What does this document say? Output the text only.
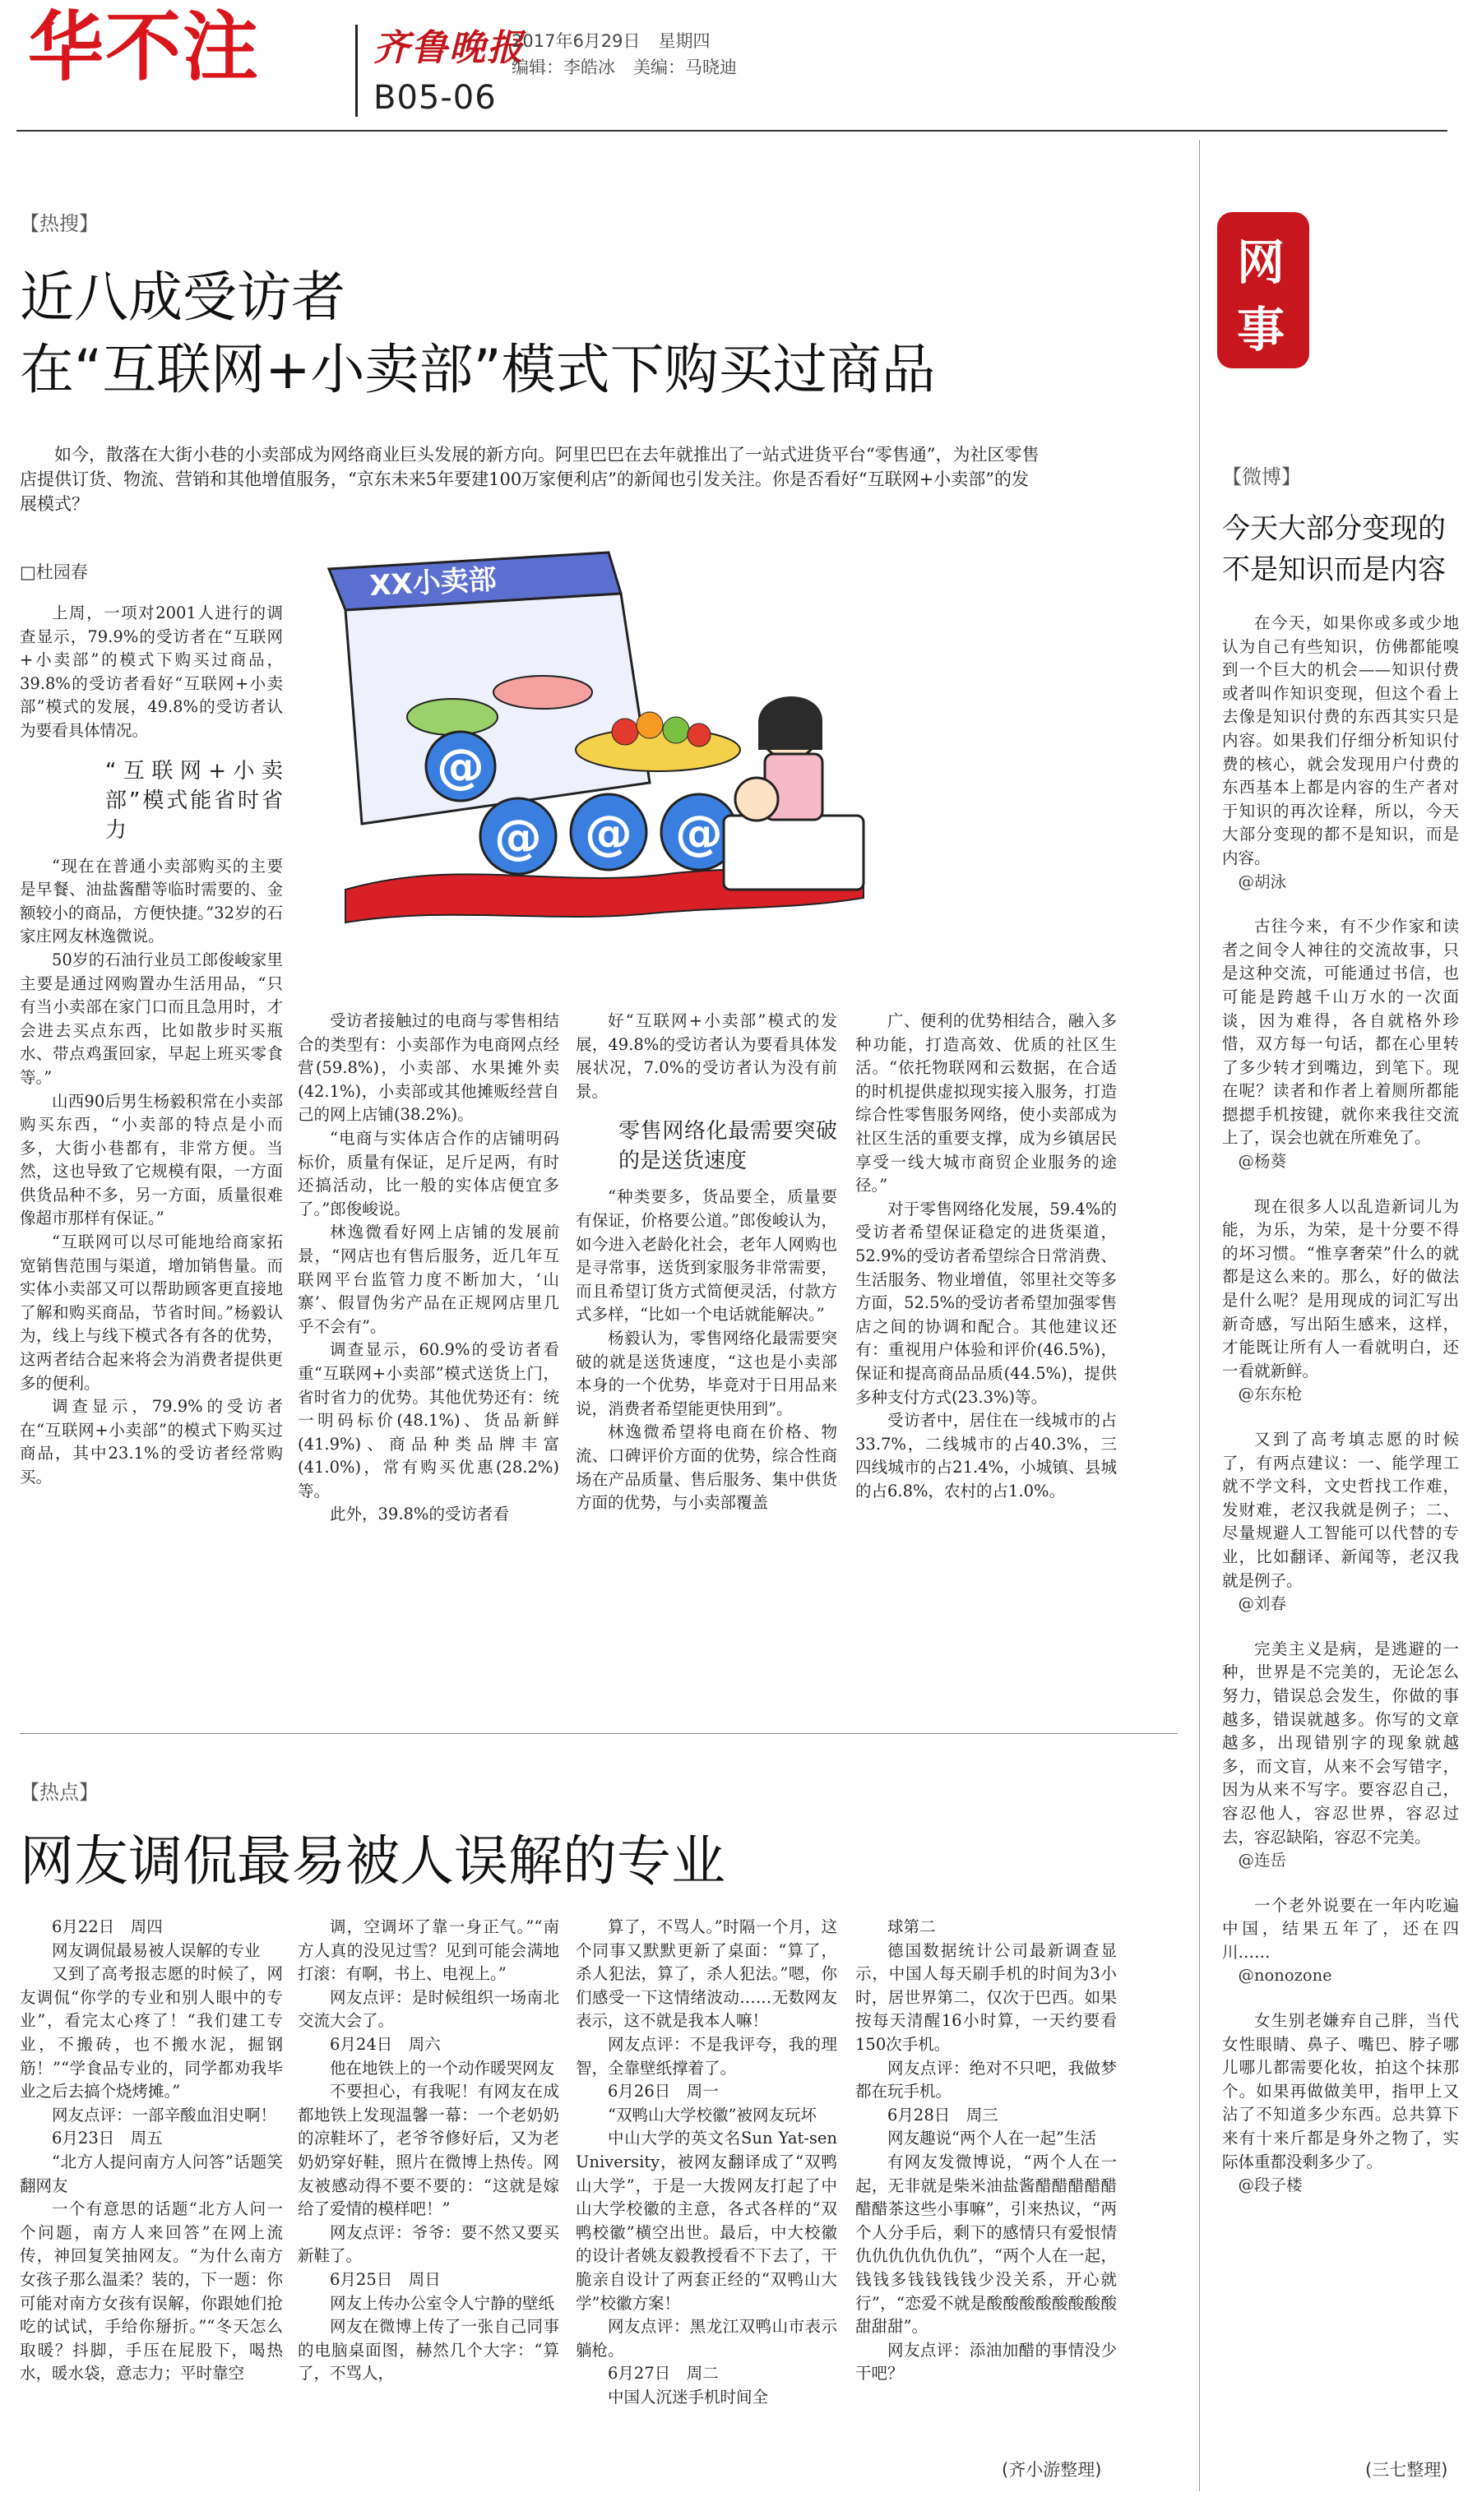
华不注	齐鲁晚报
2017年6月29日 星期四
编辑：李皓冰 美编：马晓迪
B05-06
【热搜】
近八成受访者
在“互联网+小卖部”模式下购买过商品
如今，散落在大街小巷的小卖部成为网络商业巨头发展的新方向。阿里巴巴在去年就推出了一站式进货平台“零售通”，为社区零售店提供订货、物流、营销和其他增值服务，“京东未来5年要建100万家便利店”的新闻也引发关注。你是否看好“互联网+小卖部”的发展模式？
□杜园春	XX小卖部
@
@ @ @

上周，一项对2001人进行的调查显示，79.9%的受访者在“互联网+小卖部”的模式下购买过商品，39.8%的受访者看好“互联网+小卖部”模式的发展，49.8%的受访者认为要看具体情况。

“互联网+小卖部”模式能省时省力

“现在在普通小卖部购买的主要是早餐、油盐酱醋等临时需要的、金额较小的商品，方便快捷。”32岁的石家庄网友林逸微说。

50岁的石油行业员工郎俊峻家里主要是通过网购置办生活用品，“只有当小卖部在家门口而且急用时，才会进去买点东西，比如散步时买瓶水、带点鸡蛋回家，早起上班买零食等。”

山西90后男生杨毅积常在小卖部购买东西，“小卖部的特点是小而多，大街小巷都有，非常方便。当然，这也导致了它规模有限，一方面供货品种不多，另一方面，质量很难像超市那样有保证。”

“互联网可以尽可能地给商家拓宽销售范围与渠道，增加销售量。而实体小卖部又可以帮助顾客更直接地了解和购买商品，节省时间。”杨毅认为，线上与线下模式各有各的优势，这两者结合起来将会为消费者提供更多的便利。

调查显示，79.9%的受访者在“互联网+小卖部”的模式下购买过商品，其中23.1%的受访者经常购买。

受访者接触过的电商与零售相结合的类型有：小卖部作为电商网点经营(59.8%)，小卖部、水果摊外卖(42.1%)，小卖部或其他摊贩经营自己的网上店铺(38.2%)。

“电商与实体店合作的店铺明码标价，质量有保证，足斤足两，有时还搞活动，比一般的实体店便宜多了。”郎俊峻说。

林逸微看好网上店铺的发展前景，“网店也有售后服务，近几年互联网平台监管力度不断加大，‘山寨’、假冒伪劣产品在正规网店里几乎不会有”。

调查显示，60.9%的受访者看重“互联网+小卖部”模式送货上门，省时省力的优势。其他优势还有：统一明码标价(48.1%)、货品新鲜(41.9%)、商品种类品牌丰富(41.0%)，常有购买优惠(28.2%)等。

此外，39.8%的受访者看

好“互联网+小卖部”模式的发展，49.8%的受访者认为要看具体发展状况，7.0%的受访者认为没有前景。

零售网络化最需要突破的是送货速度

“种类要多，货品要全，质量要有保证，价格要公道。”郎俊峻认为，如今进入老龄化社会，老年人网购也是寻常事，送货到家服务非常需要，而且希望订货方式简便灵活，付款方式多样，“比如一个电话就能解决。”

杨毅认为，零售网络化最需要突破的就是送货速度，“这也是小卖部本身的一个优势，毕竟对于日用品来说，消费者希望能更快用到”。

林逸微希望将电商在价格、物流、口碑评价方面的优势，综合性商场在产品质量、售后服务、集中供货方面的优势，与小卖部覆盖

广、便利的优势相结合，融入多种功能，打造高效、优质的社区生活。“依托物联网和云数据，在合适的时机提供虚拟现实接入服务，打造综合性零售服务网络，使小卖部成为社区生活的重要支撑，成为乡镇居民享受一线大城市商贸企业服务的途径。”

对于零售网络化发展，59.4%的受访者希望保证稳定的进货渠道，52.9%的受访者希望综合日常消费、生活服务、物业增值，邻里社交等多方面，52.5%的受访者希望加强零售店之间的协调和配合。其他建议还有：重视用户体验和评价(46.5%)，保证和提高商品品质(44.5%)，提供多种支付方式(23.3%)等。

受访者中，居住在一线城市的占33.7%，二线城市的占40.3%，三四线城市的占21.4%，小城镇、县城的占6.8%，农村的占1.0%。

【热点】
网友调侃最易被人误解的专业

6月22日　周四

网友调侃最易被人误解的专业

又到了高考报志愿的时候了，网友调侃“你学的专业和别人眼中的专业”，看完太心疼了！“我们建工专业，不搬砖，也不搬水泥，掘钢筋！”“学食品专业的，同学都劝我毕业之后去搞个烧烤摊。”

网友点评：一部辛酸血泪史啊！

6月23日　周五

“北方人提问南方人问答”话题笑翻网友

一个有意思的话题“北方人问一个问题，南方人来回答”在网上流传，神回复笑抽网友。“为什么南方女孩子那么温柔？装的，下一题：你可能对南方女孩有误解，你跟她们抢吃的试试，手给你掰折。”“冬天怎么取暖？抖脚，手压在屁股下，喝热水，暖水袋，意志力；平时靠空

调，空调坏了靠一身正气。”“南方人真的没见过雪？见到可能会满地打滚：有啊，书上、电视上。”

网友点评：是时候组织一场南北交流大会了。

6月24日　周六

他在地铁上的一个动作暖哭网友

不要担心，有我呢！有网友在成都地铁上发现温馨一幕：一个老奶奶的凉鞋坏了，老爷爷修好后，又为老奶奶穿好鞋，照片在微博上热传。网友被感动得不要不要的：“这就是嫁给了爱情的模样吧！”

网友点评：爷爷：要不然又要买新鞋了。

6月25日　周日

网友上传办公室令人宁静的壁纸

网友在微博上传了一张自己同事的电脑桌面图，赫然几个大字：“算了，不骂人，

算了，不骂人。”时隔一个月，这个同事又默默更新了桌面：“算了，杀人犯法，算了，杀人犯法。”嗯，你们感受一下这情绪波动……无数网友表示，这不就是我本人嘛！

网友点评：不是我评夸，我的理智，全靠壁纸撑着了。

6月26日　周一

“双鸭山大学校徽”被网友玩坏

中山大学的英文名Sun Yat-sen University，被网友翻译成了“双鸭山大学”，于是一大拨网友打起了中山大学校徽的主意，各式各样的“双鸭校徽”横空出世。最后，中大校徽的设计者姚友毅教授看不下去了，干脆亲自设计了两套正经的“双鸭山大学”校徽方案！

网友点评：黑龙江双鸭山市表示躺枪。

6月27日　周二

中国人沉迷手机时间全

球第二

德国数据统计公司最新调查显示，中国人每天刷手机的时间为3小时，居世界第二，仅次于巴西。如果按每天清醒16小时算，一天约要看150次手机。

网友点评：绝对不只吧，我做梦都在玩手机。

6月28日　周三

网友趣说“两个人在一起”生活

有网友发微博说，“两个人在一起，无非就是柴米油盐酱醋醋醋醋醋醋醋茶这些小事嘛”，引来热议，“两个人分手后，剩下的感情只有爱恨情仇仇仇仇仇仇仇”，“两个人在一起，钱钱多钱钱钱钱少没关系，开心就行”，“恋爱不就是酸酸酸酸酸酸酸酸甜甜甜”。

网友点评：添油加醋的事情没少干吧？

(齐小游整理)
网
事
【微博】
今天大部分变现的不是知识而是内容

在今天，如果你或多或少地认为自己有些知识，仿佛都能嗅到一个巨大的机会——知识付费或者叫作知识变现，但这个看上去像是知识付费的东西其实只是内容。如果我们仔细分析知识付费的核心，就会发现用户付费的东西基本上都是内容的生产者对于知识的再次诠释，所以，今天大部分变现的都不是知识，而是内容。

@胡泳

古往今来，有不少作家和读者之间令人神往的交流故事，只是这种交流，可能通过书信，也可能是跨越千山万水的一次面谈，因为难得，各自就格外珍惜，双方每一句话，都在心里转了多少转才到嘴边，到笔下。现在呢？读者和作者上着厕所都能摁摁手机按键，就你来我往交流上了，误会也就在所难免了。

@杨葵

现在很多人以乱造新词儿为能，为乐，为荣，是十分要不得的坏习惯。“惟享奢荣”什么的就都是这么来的。那么，好的做法是什么呢？是用现成的词汇写出新奇感，写出陌生感来，这样，才能既让所有人一看就明白，还一看就新鲜。

@东东枪

又到了高考填志愿的时候了，有两点建议：一、能学理工就不学文科，文史哲找工作难，发财难，老汉我就是例子；二、尽量规避人工智能可以代替的专业，比如翻译、新闻等，老汉我就是例子。

@刘春

完美主义是病，是逃避的一种，世界是不完美的，无论怎么努力，错误总会发生，你做的事越多，错误就越多。你写的文章越多，出现错别字的现象就越多，而文盲，从来不会写错字，因为从来不写字。要容忍自己，容忍他人，容忍世界，容忍过去，容忍缺陷，容忍不完美。

@连岳

一个老外说要在一年内吃遍中国，结果五年了，还在四川……

@nonozone

女生别老嫌弃自己胖，当代女性眼睛、鼻子、嘴巴、脖子哪儿哪儿都需要化妆，拍这个抹那个。如果再做做美甲，指甲上又沾了不知道多少东西。总共算下来有十来斤都是身外之物了，实际体重都没剩多少了。

@段子楼

(三七整理)
